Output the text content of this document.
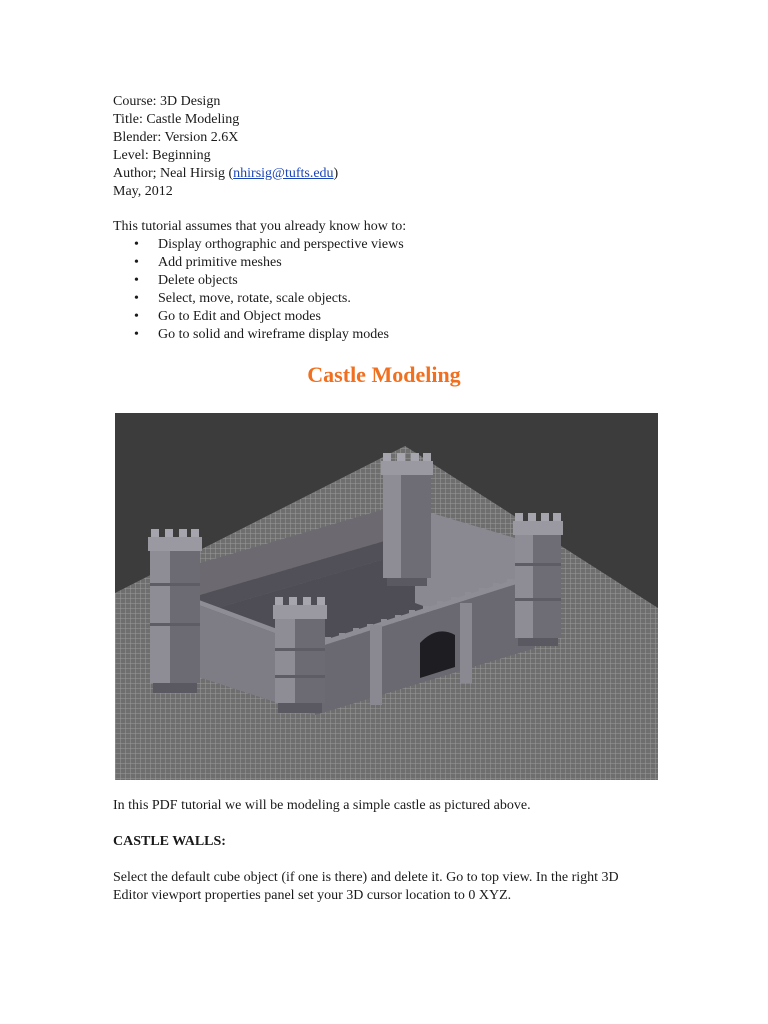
Course: 3D Design
Title: Castle Modeling
Blender: Version 2.6X
Level: Beginning
Author; Neal Hirsig (nhirsig@tufts.edu)
May, 2012
This tutorial assumes that you already know how to:
• Display orthographic and perspective views
• Add primitive meshes
• Delete objects
• Select, move, rotate, scale objects.
• Go to Edit and Object modes
• Go to solid and wireframe display modes
Castle Modeling
In this PDF tutorial we will be modeling a simple castle as pictured above.
CASTLE WALLS:
Select the default cube object (if one is there) and delete it. Go to top view. In the right 3D Editor viewport properties panel set your 3D cursor location to 0 XYZ.
